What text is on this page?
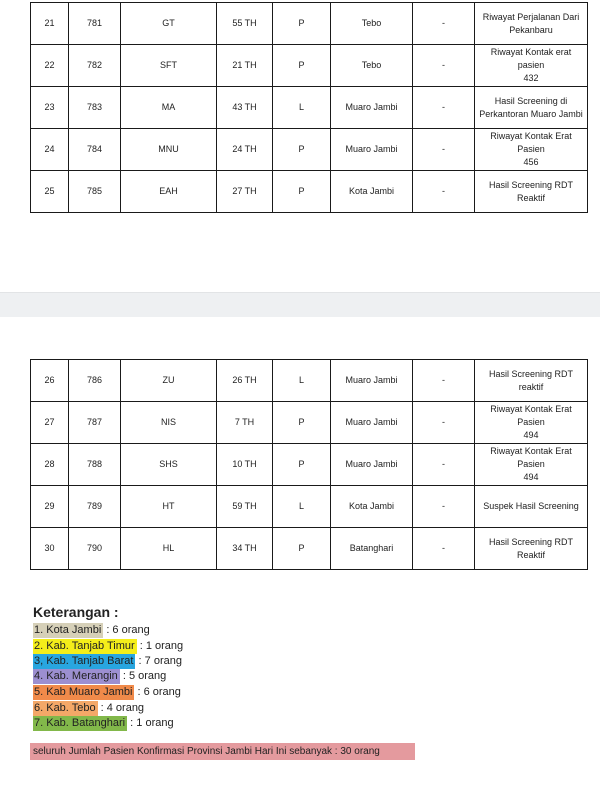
21	781	GT	55 TH	P	Tebo	-	Riwayat Perjalanan Dari
Pekanbaru

22	782	SFT	21 TH	P	Tebo	-	Riwayat Kontak erat pasien
432

23	783	MA	43 TH	L	Muaro Jambi	-	Hasil Screening di
Perkantoran Muaro Jambi

24	784	MNU	24 TH	P	Muaro Jambi	-	Riwayat Kontak Erat Pasien
456

25	785	EAH	27 TH	P	Kota Jambi	-	Hasil Screening RDT Reaktif
26	786	ZU	26 TH	L	Muaro Jambi	-	Hasil Screening RDT reaktif

27	787	NIS	7 TH	P	Muaro Jambi	-	Riwayat Kontak Erat Pasien
494

28	788	SHS	10 TH	P	Muaro Jambi	-	Riwayat Kontak Erat Pasien
494

29	789	HT	59 TH	L	Kota Jambi	-	Suspek Hasil Screening

30	790	HL	34 TH	P	Batanghari	-	Hasil Screening RDT Reaktif
Keterangan :
1. Kota Jambi : 6 orang
2. Kab. Tanjab Timur : 1 orang
3, Kab. Tanjab Barat : 7 orang
4. Kab. Merangin : 5 orang
5. Kab Muaro Jambi : 6 orang
6. Kab. Tebo : 4 orang
7. Kab. Batanghari : 1 orang
seluruh Jumlah Pasien Konfirmasi Provinsi Jambi Hari Ini sebanyak : 30 orang
